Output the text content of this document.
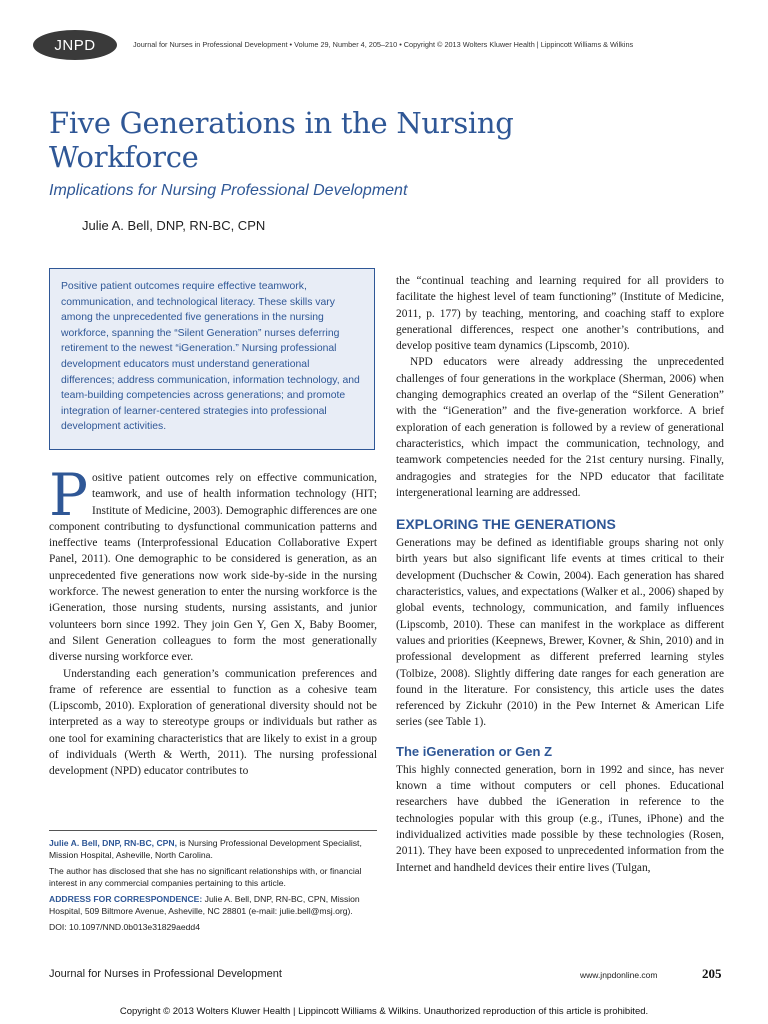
JNPD	Journal for Nurses in Professional Development • Volume 29, Number 4, 205–210 • Copyright © 2013 Wolters Kluwer Health | Lippincott Williams & Wilkins
Five Generations in the Nursing
Workforce
Implications for Nursing Professional Development
Julie A. Bell, DNP, RN-BC, CPN
Positive patient outcomes require effective teamwork, communication, and technological literacy. These skills vary among the unprecedented five generations in the nursing workforce, spanning the “Silent Generation” nurses deferring retirement to the newest “iGeneration.” Nursing professional development educators must understand generational differences; address communication, information technology, and team-building competencies across generations; and promote integration of learner-centered strategies into professional development activities.

Positive patient outcomes rely on effective communication, teamwork, and use of health information technology (HIT; Institute of Medicine, 2003). Demographic differences are one component contributing to dysfunctional communication patterns and ineffective teams (Interprofessional Education Collaborative Expert Panel, 2011). One demographic to be considered is generation, as an unprecedented five generations now work side-by-side in the nursing workforce. The newest generation to enter the nursing workforce is the iGeneration, those nursing students, nursing assistants, and junior volunteers born since 1992. They join Gen Y, Gen X, Baby Boomer, and Silent Generation colleagues to form the most generationally diverse nursing workforce ever.

Understanding each generation’s communication preferences and frame of reference are essential to function as a cohesive team (Lipscomb, 2010). Exploration of generational diversity should not be interpreted as a way to stereotype groups or individuals but rather as one tool for examining characteristics that are likely to exist in a group of individuals (Werth & Werth, 2011). The nursing professional development (NPD) educator contributes to

the “continual teaching and learning required for all providers to facilitate the highest level of team functioning” (Institute of Medicine, 2011, p. 177) by teaching, mentoring, and coaching staff to explore generational differences, respect one another’s contributions, and develop positive team dynamics (Lipscomb, 2010).

NPD educators were already addressing the unprecedented challenges of four generations in the workplace (Sherman, 2006) when changing demographics created an overlap of the “Silent Generation” with the “iGeneration” and the five-generation workforce. A brief exploration of each generation is followed by a review of generational characteristics, which impact the communication, technology, and teamwork competencies needed for the 21st century nursing. Finally, andragogies and strategies for the NPD educator that facilitate intergenerational learning are addressed.

EXPLORING THE GENERATIONS

Generations may be defined as identifiable groups sharing not only birth years but also significant life events at times critical to their development (Duchscher & Cowin, 2004). Each generation has shared characteristics, values, and expectations (Walker et al., 2006) shaped by global events, technology, communication, and family influences (Lipscomb, 2010). These can manifest in the workplace as different values and priorities (Keepnews, Brewer, Kovner, & Shin, 2010) and in professional development as different preferred learning styles (Tolbize, 2008). Slightly differing date ranges for each generation are found in the literature. For consistency, this article uses the dates referenced by Zickuhr (2010) in the Pew Internet & American Life series (see Table 1).

The iGeneration or Gen Z

This highly connected generation, born in 1992 and since, has never known a time without computers or cell phones. Educational researchers have dubbed the iGeneration in reference to the technologies popular with this group (e.g., iTunes, iPhone) and the individualized activities made possible by these technologies (Rosen, 2011). They have been exposed to unprecedented information from the Internet and handheld devices their entire lives (Tulgan,

Julie A. Bell, DNP, RN-BC, CPN, is Nursing Professional Development Specialist, Mission Hospital, Asheville, North Carolina.

The author has disclosed that she has no significant relationships with, or financial interest in any commercial companies pertaining to this article.

ADDRESS FOR CORRESPONDENCE: Julie A. Bell, DNP, RN-BC, CPN, Mission Hospital, 509 Biltmore Avenue, Asheville, NC 28801 (e-mail: julie.bell@msj.org).

DOI: 10.1097/NND.0b013e31829aedd4

Journal for Nurses in Professional Development	www.jnpdonline.com	205
Copyright © 2013 Wolters Kluwer Health | Lippincott Williams & Wilkins. Unauthorized reproduction of this article is prohibited.
